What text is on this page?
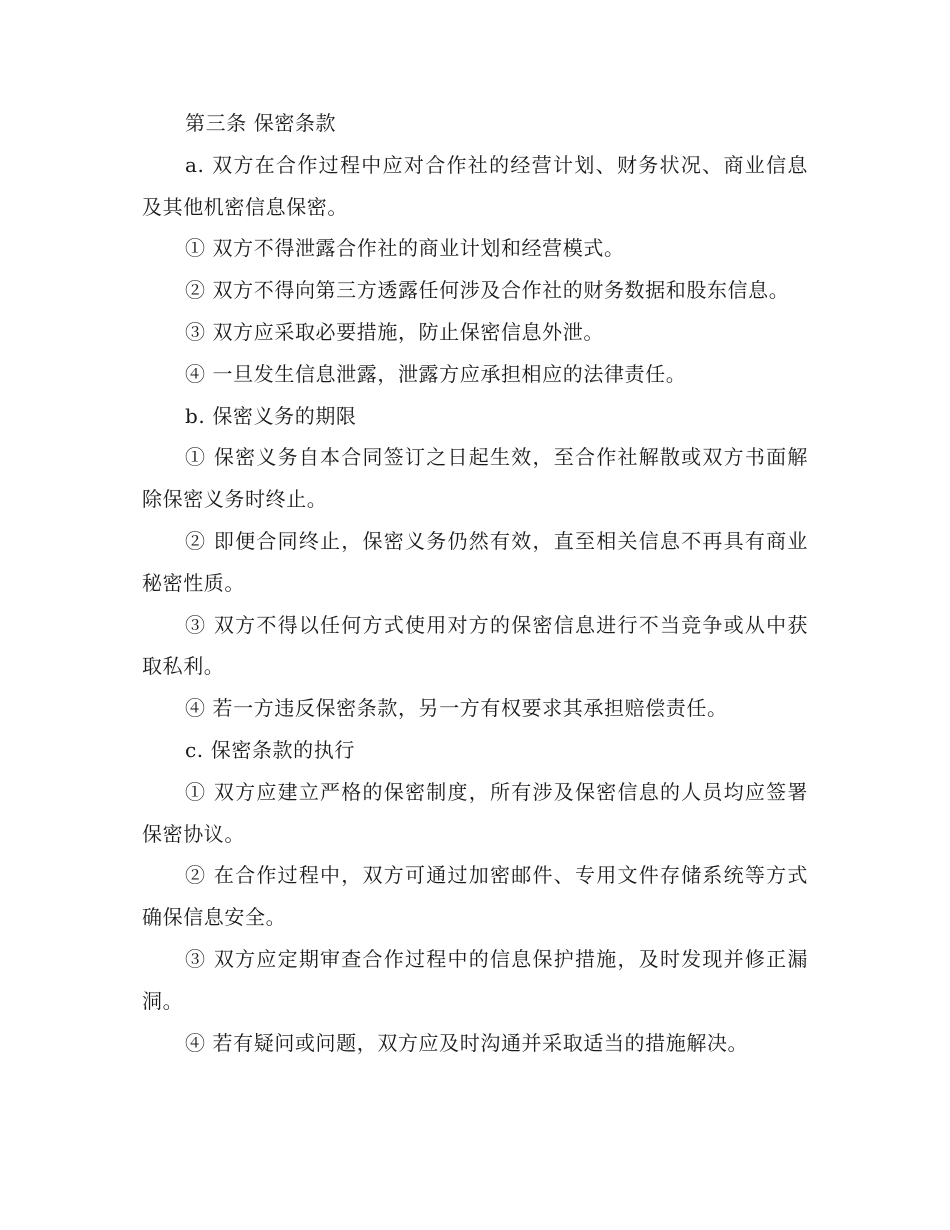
第三条 保密条款

a. 双方在合作过程中应对合作社的经营计划、财务状况、商业信息及其他机密信息保密。

① 双方不得泄露合作社的商业计划和经营模式。

② 双方不得向第三方透露任何涉及合作社的财务数据和股东信息。

③ 双方应采取必要措施，防止保密信息外泄。

④ 一旦发生信息泄露，泄露方应承担相应的法律责任。

b. 保密义务的期限

① 保密义务自本合同签订之日起生效，至合作社解散或双方书面解除保密义务时终止。

② 即便合同终止，保密义务仍然有效，直至相关信息不再具有商业秘密性质。

③ 双方不得以任何方式使用对方的保密信息进行不当竞争或从中获取私利。

④ 若一方违反保密条款，另一方有权要求其承担赔偿责任。

c. 保密条款的执行

① 双方应建立严格的保密制度，所有涉及保密信息的人员均应签署保密协议。

② 在合作过程中，双方可通过加密邮件、专用文件存储系统等方式确保信息安全。

③ 双方应定期审查合作过程中的信息保护措施，及时发现并修正漏洞。

④ 若有疑问或问题，双方应及时沟通并采取适当的措施解决。
